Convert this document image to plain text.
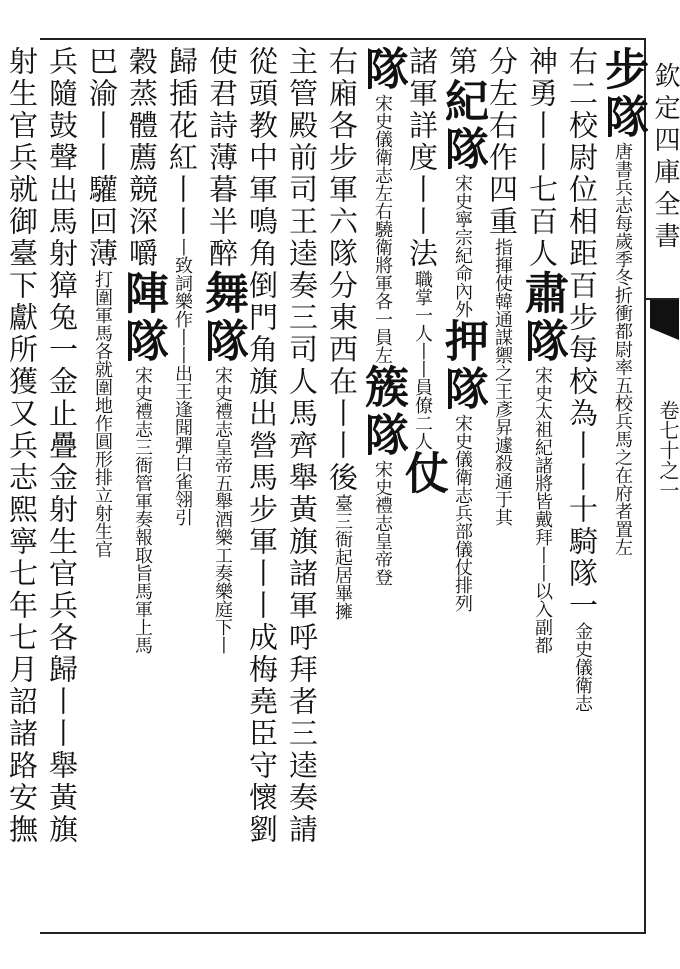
欽定四庫全書
卷七十之一
步隊唐書兵志每歲季冬折衝都尉率五校兵馬之在府者置左
右二校尉位相距百步每校為丨丨十騎隊一金史儀衛志
神勇丨丨七百人肅隊宋史太祖紀諸將皆戴拜丨丨以入副都
分左右作四重指揮使韓通謀禦之王彥昇遽殺通于其
第紀隊宋史寧宗紀命內外押隊宋史儀衛志兵部儀仗排列
諸軍詳度丨丨法職掌一人丨丨員僚二人仗
隊宋史儀衛志左右驍衛將軍各一員左簇隊宋史禮志皇帝登
右廂各步軍六隊分東西在丨丨後臺三衙起居畢擁
主管殿前司王逵奏三司人馬齊舉黃旗諸軍呼拜者三逵奏請
從頭教中軍鳴角倒門角旗出營馬步軍丨丨成梅堯臣守懷劉
使君詩薄暮半醉舞隊宋史禮志皇帝五舉酒樂工奏樂庭下丨
歸插花紅丨丨丨致詞樂作丨丨出王逢聞彈白雀翎引
穀蒸體薦競深嚼陣隊宋史禮志三衙管軍奏報取旨馬軍上馬
巴渝丨丨驩回薄打圍軍馬各就圍地作圓形排立射生官
兵隨鼓聲出馬射獐兔一金止疊金射生官兵各歸丨丨舉黃旗
射生官兵就御臺下獻所獲又兵志熙寧七年七月詔諸路安撫
